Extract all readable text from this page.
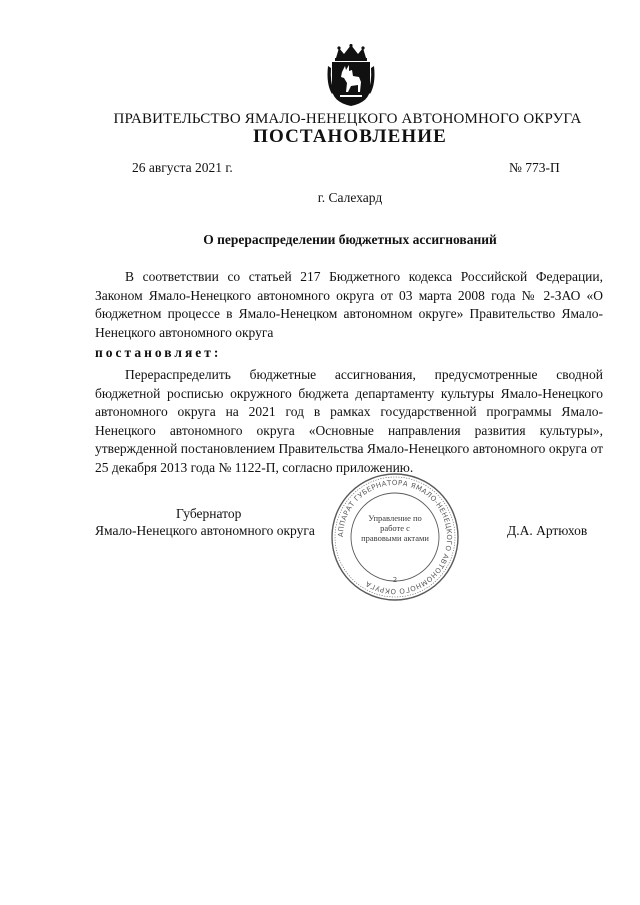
ПРАВИТЕЛЬСТВО ЯМАЛО-НЕНЕЦКОГО АВТОНОМНОГО ОКРУГА
ПОСТАНОВЛЕНИЕ
26 августа 2021 г.	№ 773-П
г. Салехард
О перераспределении бюджетных ассигнований

В соответствии со статьей 217 Бюджетного кодекса Российской Федерации, Законом Ямало-Ненецкого автономного округа от 03 марта 2008 года № 2-ЗАО «О бюджетном процессе в Ямало-Ненецком автономном округе» Правительство Ямало-Ненецкого автономного округа

постановляет:

Перераспределить бюджетные ассигнования, предусмотренные сводной бюджетной росписью окружного бюджета департаменту культуры Ямало-Ненецкого автономного округа на 2021 год в рамках государственной программы Ямало-Ненецкого автономного округа «Основные направления развития культуры», утвержденной постановлением Правительства Ямало-Ненецкого автономного округа от 25 декабря 2013 года № 1122-П, согласно приложению.

Губернатор
Ямало-Ненецкого автономного округа	Д.А. Артюхов
АППАРАТ ГУБЕРНАТОРА ЯМАЛО-НЕНЕЦКОГО АВТОНОМНОГО ОКРУГА	2
Управление по работе с правовыми актами
